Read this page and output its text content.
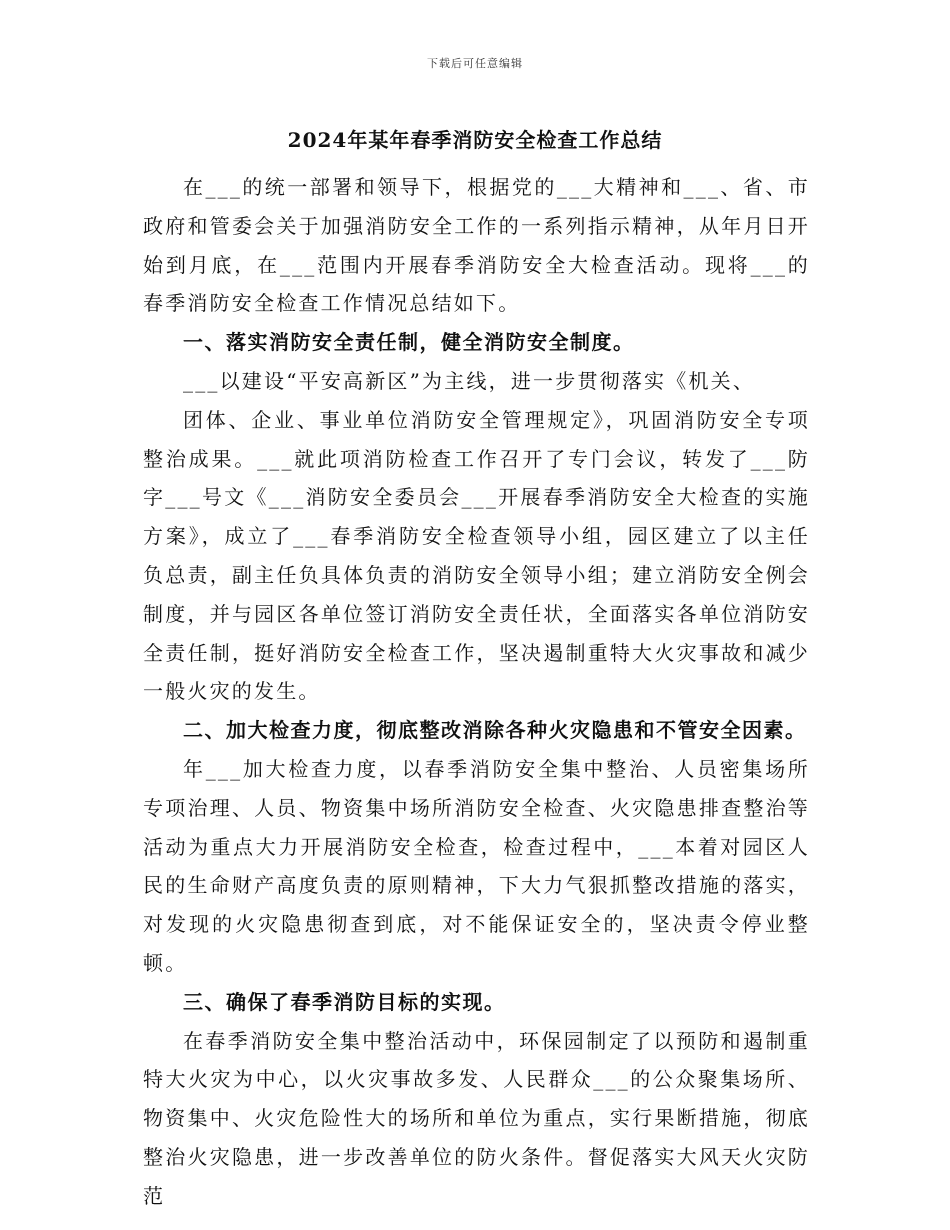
下载后可任意编辑
2024年某年春季消防安全检查工作总结

在___的统一部署和领导下，根据党的___大精神和___、省、市政府和管委会关于加强消防安全工作的一系列指示精神，从年月日开始到月底，在___范围内开展春季消防安全大检查活动。现将___的春季消防安全检查工作情况总结如下。

一、落实消防安全责任制，健全消防安全制度。

___以建设“平安高新区”为主线，进一步贯彻落实《机关、

团体、企业、事业单位消防安全管理规定》，巩固消防安全专项整治成果。___就此项消防检查工作召开了专门会议，转发了___防字___号文《___消防安全委员会___开展春季消防安全大检查的实施方案》，成立了___春季消防安全检查领导小组，园区建立了以主任负总责，副主任负具体负责的消防安全领导小组；建立消防安全例会制度，并与园区各单位签订消防安全责任状，全面落实各单位消防安全责任制，挺好消防安全检查工作，坚决遏制重特大火灾事故和减少一般火灾的发生。

二、加大检查力度，彻底整改消除各种火灾隐患和不管安全因素。

年___加大检查力度，以春季消防安全集中整治、人员密集场所专项治理、人员、物资集中场所消防安全检查、火灾隐患排查整治等活动为重点大力开展消防安全检查，检查过程中，___本着对园区人民的生命财产高度负责的原则精神，下大力气狠抓整改措施的落实，对发现的火灾隐患彻查到底，对不能保证安全的，坚决责令停业整顿。

三、确保了春季消防目标的实现。

在春季消防安全集中整治活动中，环保园制定了以预防和遏制重特大火灾为中心，以火灾事故多发、人民群众___的公众聚集场所、物资集中、火灾危险性大的场所和单位为重点，实行果断措施，彻底整治火灾隐患，进一步改善单位的防火条件。督促落实大风天火灾防范
